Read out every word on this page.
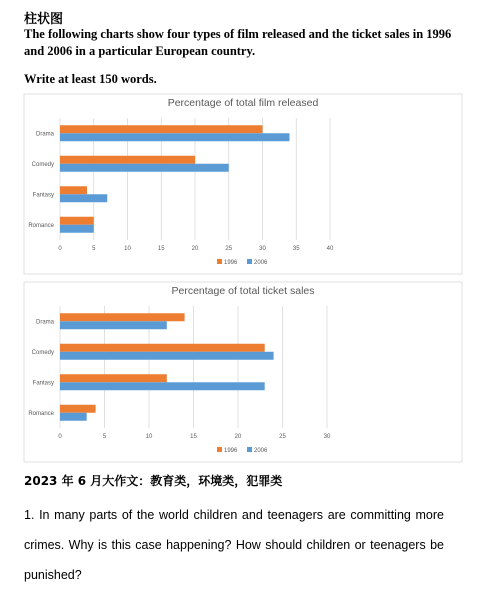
柱状图
The following charts show four types of film released and the ticket sales in 1996 and 2006 in a particular European country.
Write at least 150 words.
Percentage of total film released
0	5	10	15	20	25	30	35	40
Drama
Comedy
Fantasy
Romance
1996	2006
Percentage of total ticket sales
0	5	10	15	20	25	30
Drama
Comedy
Fantasy
Romance
1996	2006
2023 年 6 月大作文：教育类，环境类，犯罪类
1. In many parts of the world children and teenagers are committing more crimes. Why is this case happening? How should children or teenagers be punished?
